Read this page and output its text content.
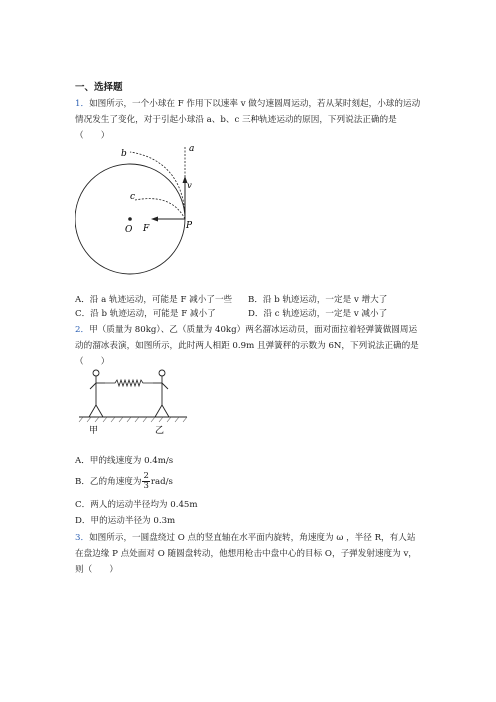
一、选择题
1．如图所示，一个小球在 F 作用下以速率 v 做匀速圆周运动，若从某时刻起，小球的运动
情况发生了变化，对于引起小球沿 a、b、c 三种轨迹运动的原因，下列说法正确的是
（　　）
a
b
c
v
O F	P
A．沿 a 轨迹运动，可能是 F 减小了一些 B．沿 b 轨迹运动，一定是 v 增大了
C．沿 b 轨迹运动，可能是 F 减小了	D．沿 c 轨迹运动，一定是 v 减小了
2．甲（质量为 80kg）、乙（质量为 40kg）两名溜冰运动员，面对面拉着轻弹簧做圆周运
动的溜冰表演，如图所示，此时两人相距 0.9m 且弹簧秤的示数为 6N，下列说法正确的是
（　　）
甲	乙
A．甲的线速度为 0.4m/s
B．乙的角速度为 $\frac{2}{3} rad/s$
C．两人的运动半径均为 0.45m
D．甲的运动半径为 0.3m
3．如图所示，一圆盘绕过 O 点的竖直轴在水平面内旋转，角速度为 ω ，半径 R，有人站
在盘边缘 P 点处面对 O 随圆盘转动，他想用枪击中盘中心的目标 O，子弹发射速度为 v，
则（　　）
